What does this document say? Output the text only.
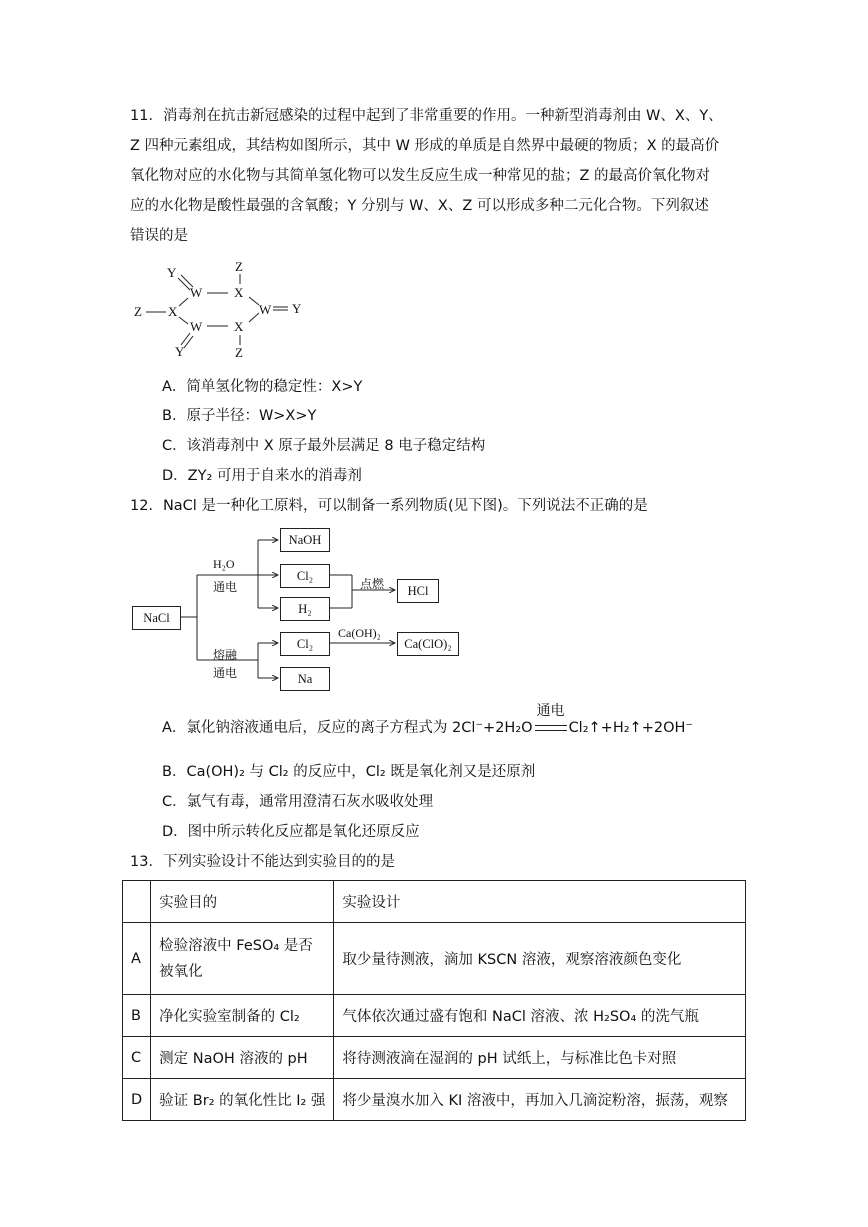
11．消毒剂在抗击新冠感染的过程中起到了非常重要的作用。一种新型消毒剂由 W、X、Y、

Z 四种元素组成，其结构如图所示，其中 W 形成的单质是自然界中最硬的物质；X 的最高价

氧化物对应的水化物与其简单氢化物可以发生反应生成一种常见的盐；Z 的最高价氧化物对

应的水化物是酸性最强的含氧酸；Y 分别与 W、X、Z 可以形成多种二元化合物。下列叙述

错误的是

Y	Z
W X
W Y
Z X
W X
Y	Z
A．简单氢化物的稳定性：X>Y
B．原子半径：W>X>Y
C．该消毒剂中 X 原子最外层满足 8 电子稳定结构
D．ZY₂ 可用于自来水的消毒剂
12．NaCl 是一种化工原料，可以制备一系列物质(见下图)。下列说法不正确的是
NaCl
NaOH
Cl₂
H₂
HCl
Cl₂
Na
Ca(ClO)₂
H₂O
通电
熔融
通电
点燃
Ca(OH)₂
A．氯化钠溶液通电后，反应的离子方程式为 2Cl⁻+2H₂O
通电
Cl₂↑+H₂↑+2OH⁻
B．Ca(OH)₂ 与 Cl₂ 的反应中，Cl₂ 既是氧化剂又是还原剂
C．氯气有毒，通常用澄清石灰水吸收处理
D．图中所示转化反应都是氧化还原反应
13．下列实验设计不能达到实验目的的是
	实验目的	实验设计
A	检验溶液中 FeSO₄ 是否被氧化	取少量待测液，滴加 KSCN 溶液，观察溶液颜色变化
B	净化实验室制备的 Cl₂	气体依次通过盛有饱和 NaCl 溶液、浓 H₂SO₄ 的洗气瓶
C	测定 NaOH 溶液的 pH	将待测液滴在湿润的 pH 试纸上，与标准比色卡对照
D	验证 Br₂ 的氧化性比 I₂ 强	将少量溴水加入 KI 溶液中，再加入几滴淀粉溶，振荡，观察
